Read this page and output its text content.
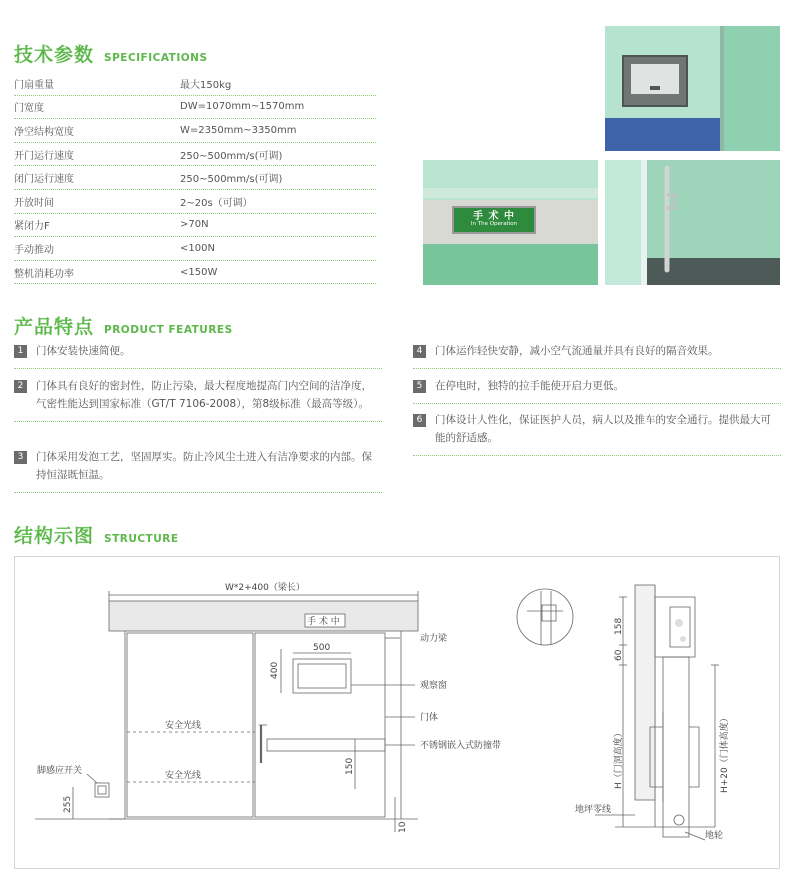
技术参数 SPECIFICATIONS
门扇重量	最大150kg
门宽度	DW=1070mm~1570mm
净空结构宽度	W=2350mm~3350mm
开门运行速度	250~500mm/s(可调)
闭门运行速度	250~500mm/s(可调)
开放时间	2~20s（可调）
紧闭力F	>70N
手动推动	<100N
整机消耗功率	<150W
手 术 中
In The Operation
产品特点 PRODUCT FEATURES
1	门体安装快速简便。
2	门体具有良好的密封性，防止污染，最大程度地提高门内空间的洁净度，气密性能达到国家标准（GT/T 7106-2008），第8级标准（最高等级）。
3	门体采用发泡工艺，坚固厚实。防止冷风尘土进入有洁净要求的内部。保持恒湿既恒温。
4	门体运作轻快安静，减小空气流通量并具有良好的隔音效果。
5	在停电时，独特的拉手能使开启力更低。
6	门体设计人性化，保证医护人员，病人以及推车的安全通行。提供最大可能的舒适感。
结构示图 STRUCTURE
W*2+400（梁长）
手 术 中
动力梁
500
400
观察窗
安全光线
安全光线
门体
不锈钢嵌入式防撞带
150
脚感应开关
255
10
158
60
H（门洞高度）	H+20（门体高度）
地坪零线
地轮
